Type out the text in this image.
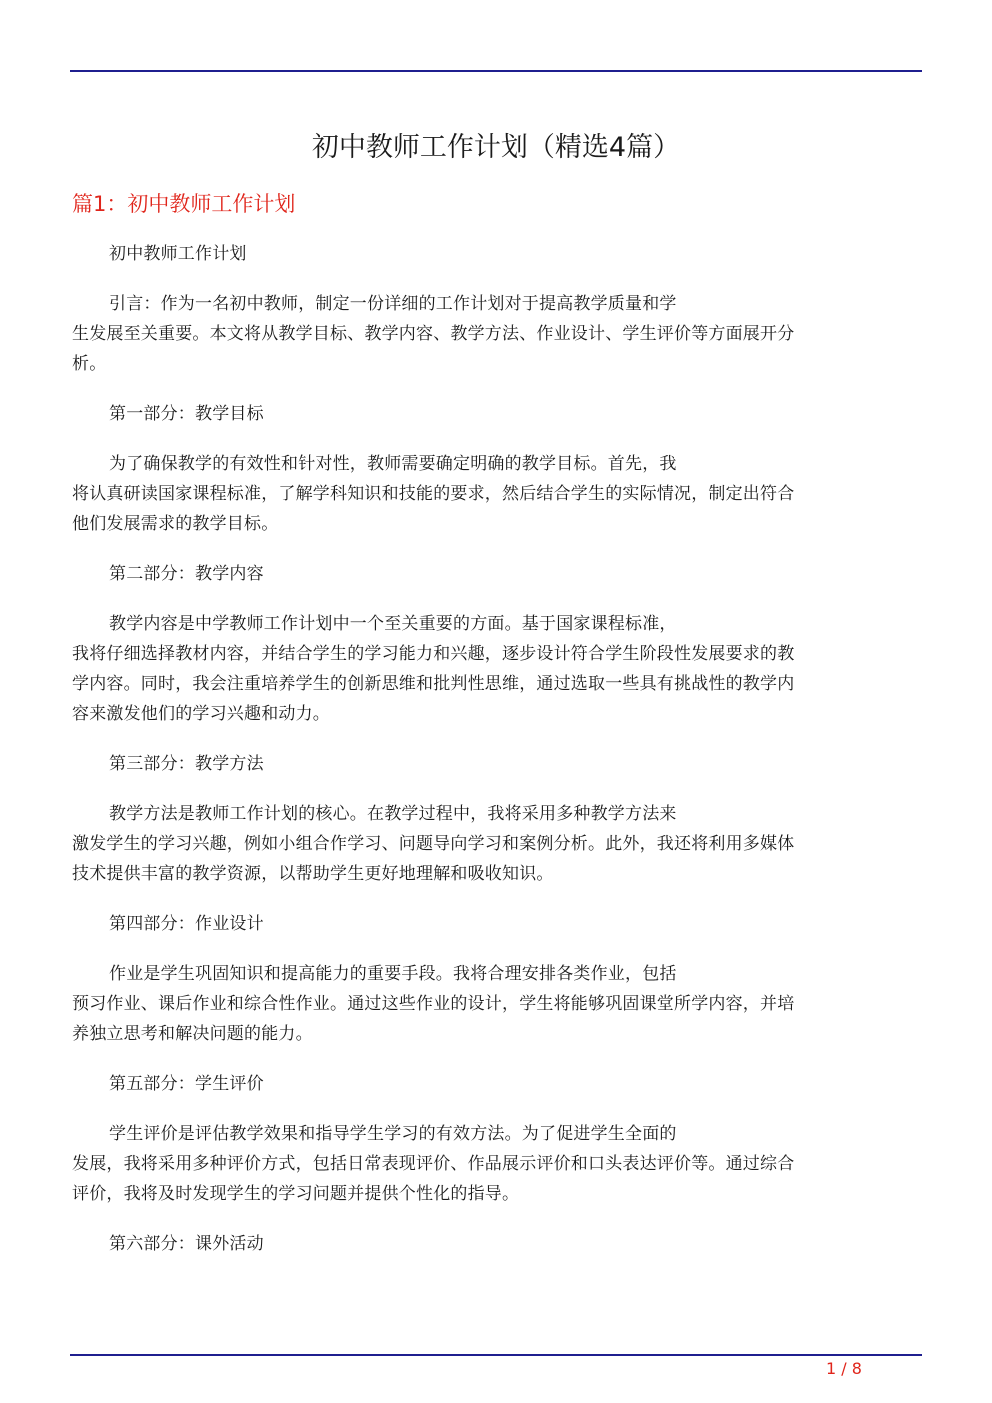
初中教师工作计划（精选4篇）
篇1：初中教师工作计划
初中教师工作计划
引言：作为一名初中教师，制定一份详细的工作计划对于提高教学质量和学
生发展至关重要。本文将从教学目标、教学内容、教学方法、作业设计、学生评价等方面展开分
析。
第一部分：教学目标
为了确保教学的有效性和针对性，教师需要确定明确的教学目标。首先，我
将认真研读国家课程标准，了解学科知识和技能的要求，然后结合学生的实际情况，制定出符合
他们发展需求的教学目标。
第二部分：教学内容
教学内容是中学教师工作计划中一个至关重要的方面。基于国家课程标准，
我将仔细选择教材内容，并结合学生的学习能力和兴趣，逐步设计符合学生阶段性发展要求的教
学内容。同时，我会注重培养学生的创新思维和批判性思维，通过选取一些具有挑战性的教学内
容来激发他们的学习兴趣和动力。
第三部分：教学方法
教学方法是教师工作计划的核心。在教学过程中，我将采用多种教学方法来
激发学生的学习兴趣，例如小组合作学习、问题导向学习和案例分析。此外，我还将利用多媒体
技术提供丰富的教学资源，以帮助学生更好地理解和吸收知识。
第四部分：作业设计
作业是学生巩固知识和提高能力的重要手段。我将合理安排各类作业，包括
预习作业、课后作业和综合性作业。通过这些作业的设计，学生将能够巩固课堂所学内容，并培
养独立思考和解决问题的能力。
第五部分：学生评价
学生评价是评估教学效果和指导学生学习的有效方法。为了促进学生全面的
发展，我将采用多种评价方式，包括日常表现评价、作品展示评价和口头表达评价等。通过综合
评价，我将及时发现学生的学习问题并提供个性化的指导。
第六部分：课外活动
1 / 8
